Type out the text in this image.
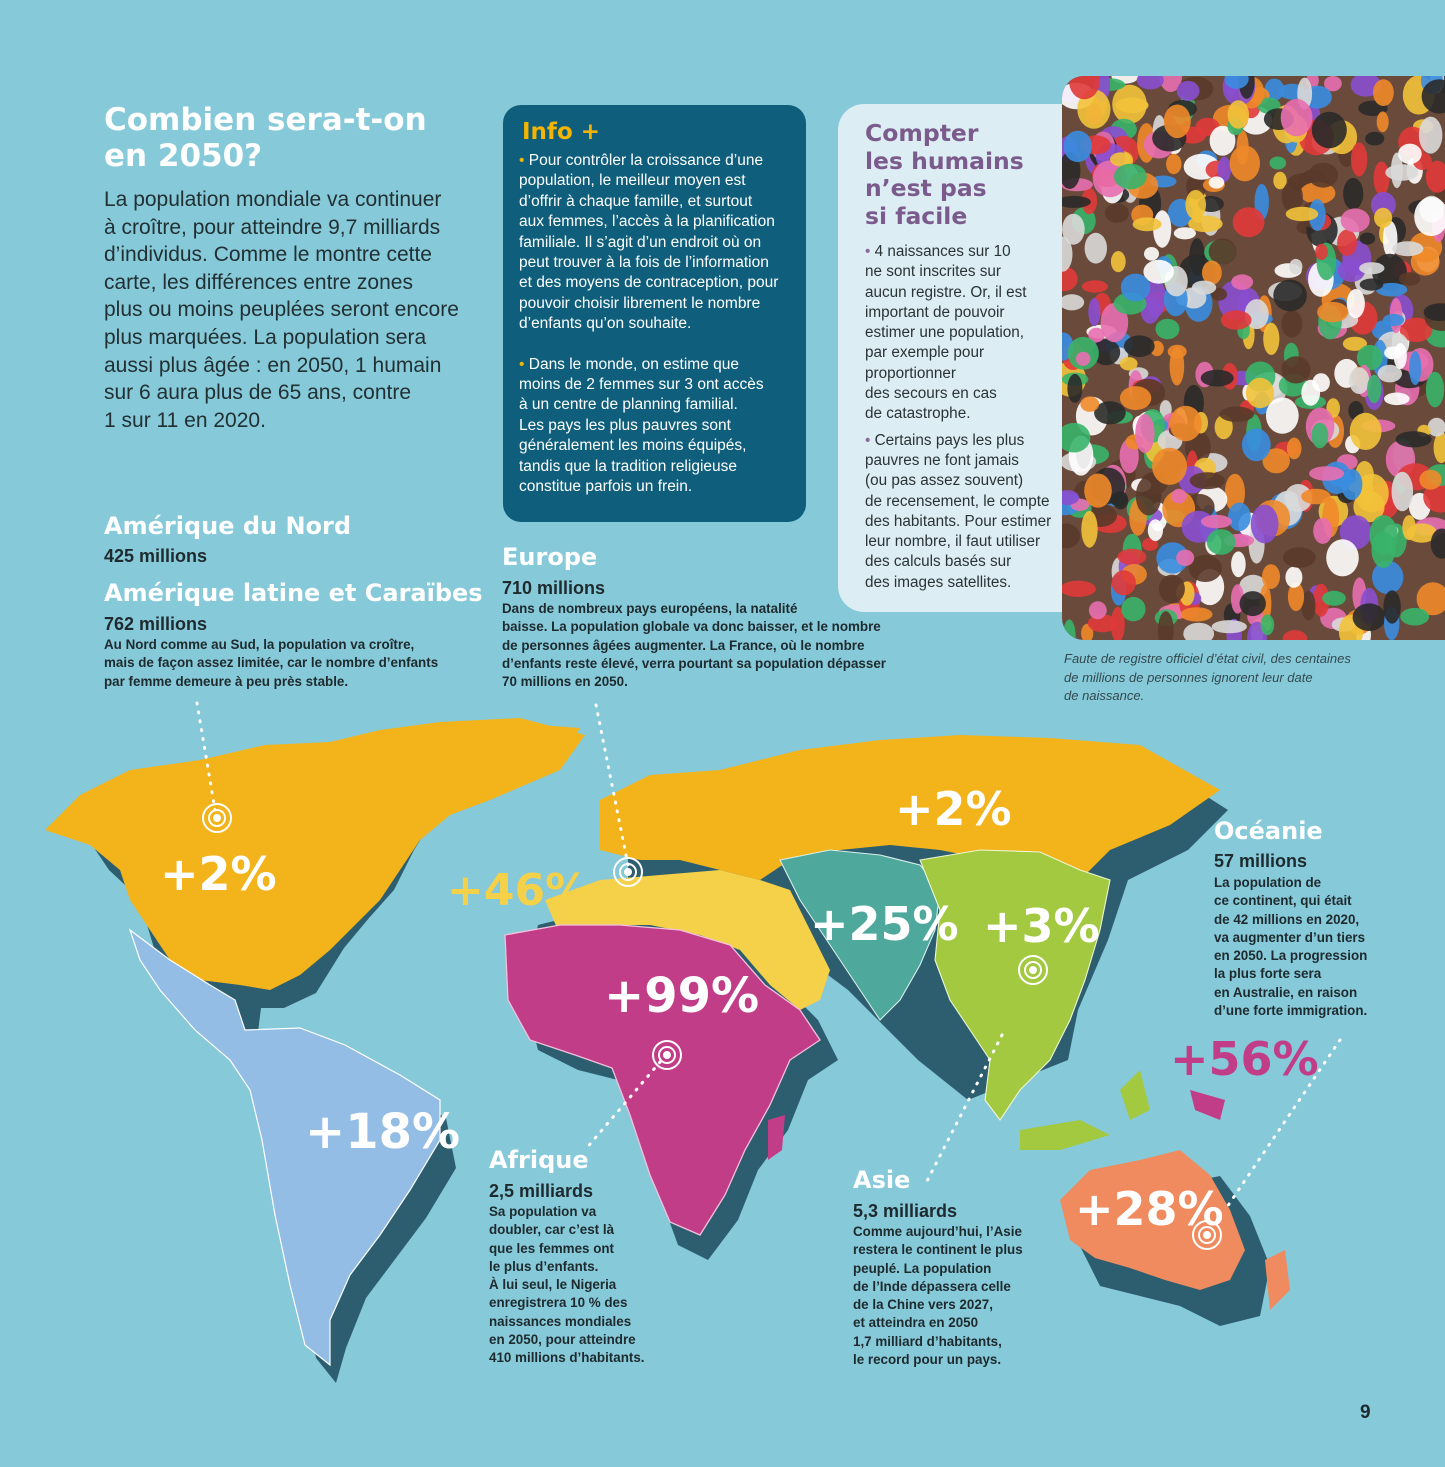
Combien sera-t-on
en 2050?
La population mondiale va continuer
à croître, pour atteindre 9,7 milliards
d’individus. Comme le montre cette
carte, les différences entre zones
plus ou moins peuplées seront encore
plus marquées. La population sera
aussi plus âgée : en 2050, 1 humain
sur 6 aura plus de 65 ans, contre
1 sur 11 en 2020.
Info +
• Pour contrôler la croissance d’une
population, le meilleur moyen est
d’offrir à chaque famille, et surtout
aux femmes, l’accès à la planification
familiale. Il s’agit d’un endroit où on
peut trouver à la fois de l’information
et des moyens de contraception, pour
pouvoir choisir librement le nombre
d’enfants qu’on souhaite.
• Dans le monde, on estime que
moins de 2 femmes sur 3 ont accès
à un centre de planning familial.
Les pays les plus pauvres sont
généralement les moins équipés,
tandis que la tradition religieuse
constitue parfois un frein.
Compter
les humains
n’est pas
si facile
• 4 naissances sur 10
ne sont inscrites sur
aucun registre. Or, il est
important de pouvoir
estimer une population,
par exemple pour
proportionner
des secours en cas
de catastrophe.
• Certains pays les plus
pauvres ne font jamais
(ou pas assez souvent)
de recensement, le compte
des habitants. Pour estimer
leur nombre, il faut utiliser
des calculs basés sur
des images satellites.
Faute de registre officiel d’état civil, des centaines
de millions de personnes ignorent leur date
de naissance.
Amérique du Nord
425 millions
Amérique latine et Caraïbes
762 millions
Au Nord comme au Sud, la population va croître,
mais de façon assez limitée, car le nombre d’enfants
par femme demeure à peu près stable.
Europe
710 millions
Dans de nombreux pays européens, la natalité
baisse. La population globale va donc baisser, et le nombre
de personnes âgées augmenter. La France, où le nombre
d’enfants reste élevé, verra pourtant sa population dépasser
70 millions en 2050.
Océanie
57 millions
La population de
ce continent, qui était
de 42 millions en 2020,
va augmenter d’un tiers
en 2050. La progression
la plus forte sera
en Australie, en raison
d’une forte immigration.
+2%
+2%
+46%
+99%
+25% +3%
+18%
+56%
+28%
Afrique
2,5 milliards
Sa population va
doubler, car c’est là
que les femmes ont
le plus d’enfants.
À lui seul, le Nigeria
enregistrera 10 % des
naissances mondiales
en 2050, pour atteindre
410 millions d’habitants.
Asie
5,3 milliards
Comme aujourd’hui, l’Asie
restera le continent le plus
peuplé. La population
de l’Inde dépassera celle
de la Chine vers 2027,
et atteindra en 2050
1,7 milliard d’habitants,
le record pour un pays.
9
